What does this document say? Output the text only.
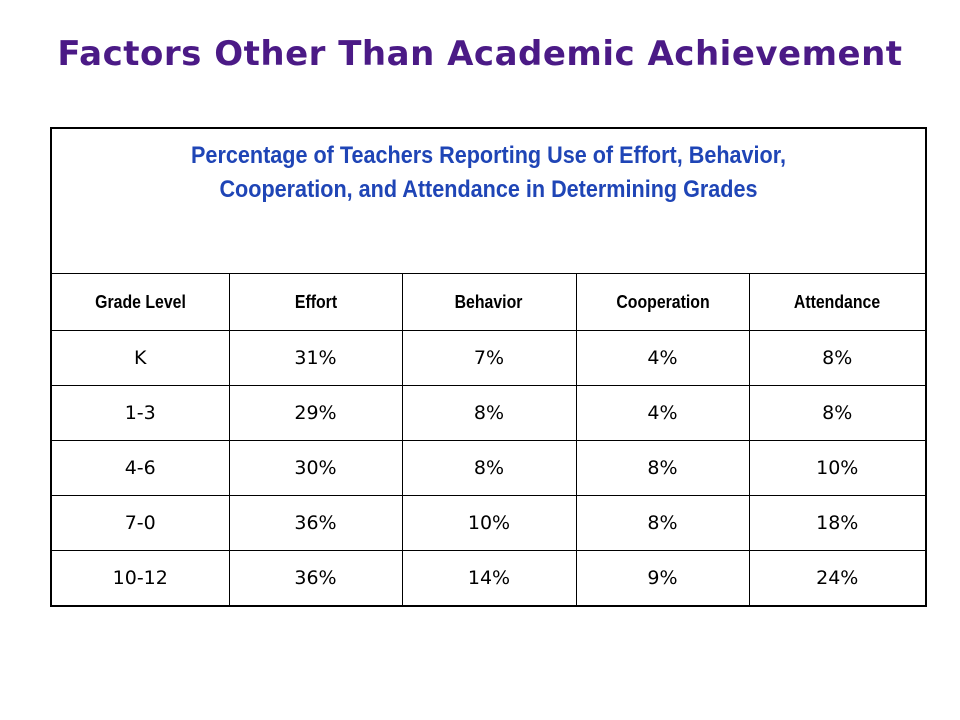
Factors Other Than Academic Achievement
Percentage of Teachers Reporting Use of Effort, Behavior,
Cooperation, and Attendance in Determining Grades				

Grade Level	Effort	Behavior	Cooperation	Attendance
K	31%	7%	4%	8%
1-3	29%	8%	4%	8%
4-6	30%	8%	8%	10%
7-0	36%	10%	8%	18%
10-12	36%	14%	9%	24%
